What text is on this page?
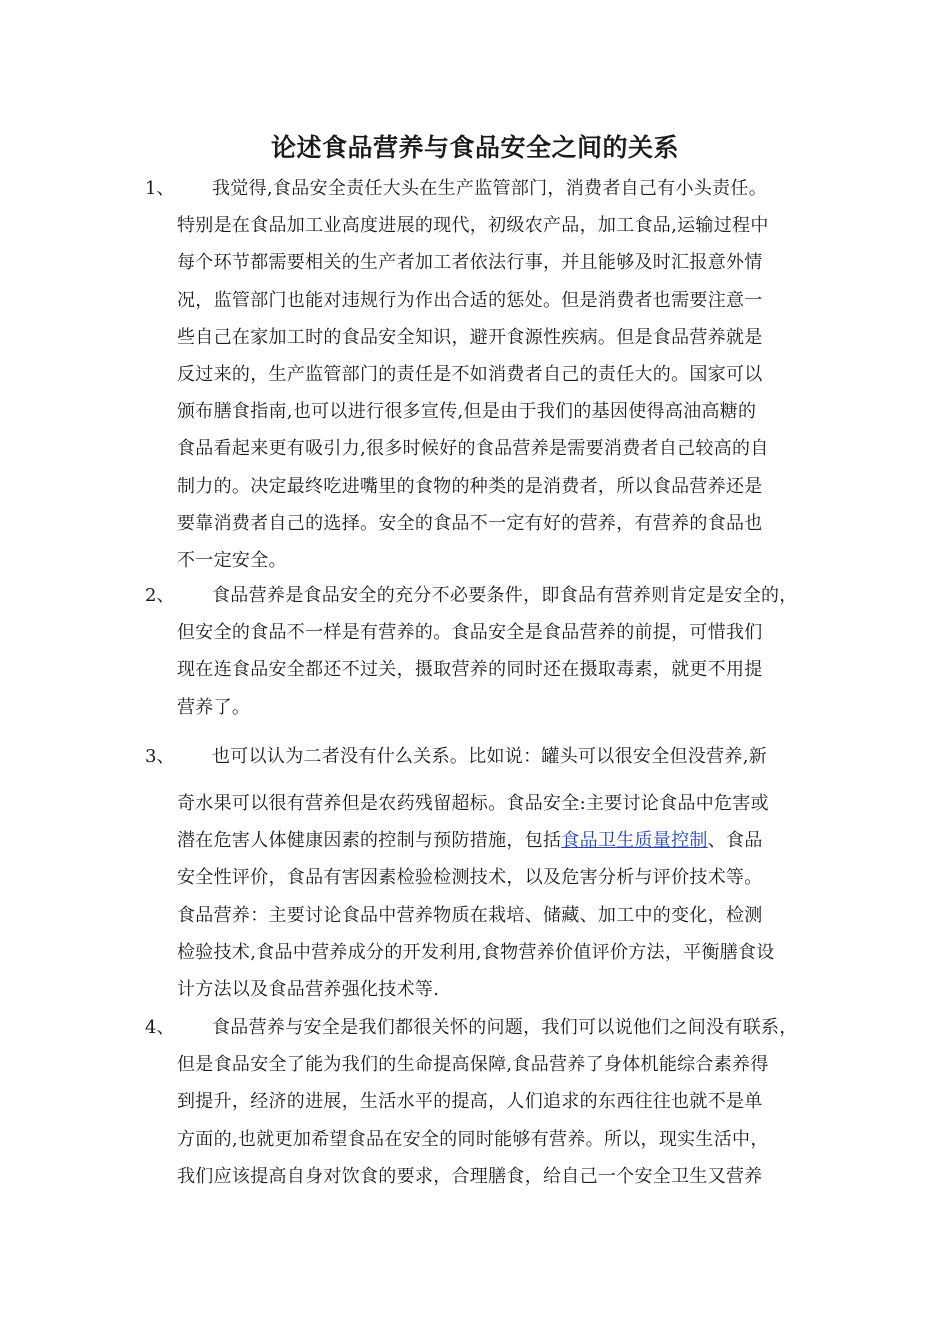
论述食品营养与食品安全之间的关系
1、 我觉得,食品安全责任大头在生产监管部门，消费者自己有小头责任。
特别是在食品加工业高度进展的现代，初级农产品，加工食品,运输过程中
每个环节都需要相关的生产者加工者依法行事，并且能够及时汇报意外情
况，监管部门也能对违规行为作出合适的惩处。但是消费者也需要注意一
些自己在家加工时的食品安全知识，避开食源性疾病。但是食品营养就是
反过来的，生产监管部门的责任是不如消费者自己的责任大的。国家可以
颁布膳食指南,也可以进行很多宣传,但是由于我们的基因使得高油高糖的
食品看起来更有吸引力,很多时候好的食品营养是需要消费者自己较高的自
制力的。决定最终吃进嘴里的食物的种类的是消费者，所以食品营养还是
要靠消费者自己的选择。安全的食品不一定有好的营养，有营养的食品也
不一定安全。
2、 食品营养是食品安全的充分不必要条件，即食品有营养则肯定是安全的，
但安全的食品不一样是有营养的。食品安全是食品营养的前提，可惜我们
现在连食品安全都还不过关，摄取营养的同时还在摄取毒素，就更不用提
营养了。
3、 也可以认为二者没有什么关系。比如说：罐头可以很安全但没营养,新
奇水果可以很有营养但是农药残留超标。食品安全:主要讨论食品中危害或
潜在危害人体健康因素的控制与预防措施，包括食品卫生质量控制、食品
安全性评价，食品有害因素检验检测技术，以及危害分析与评价技术等。
食品营养：主要讨论食品中营养物质在栽培、储藏、加工中的变化，检测
检验技术,食品中营养成分的开发利用,食物营养价值评价方法，平衡膳食设
计方法以及食品营养强化技术等.
4、 食品营养与安全是我们都很关怀的问题，我们可以说他们之间没有联系，
但是食品安全了能为我们的生命提高保障,食品营养了身体机能综合素养得
到提升，经济的进展，生活水平的提高，人们追求的东西往往也就不是单
方面的,也就更加希望食品在安全的同时能够有营养。所以，现实生活中，
我们应该提高自身对饮食的要求，合理膳食，给自己一个安全卫生又营养
